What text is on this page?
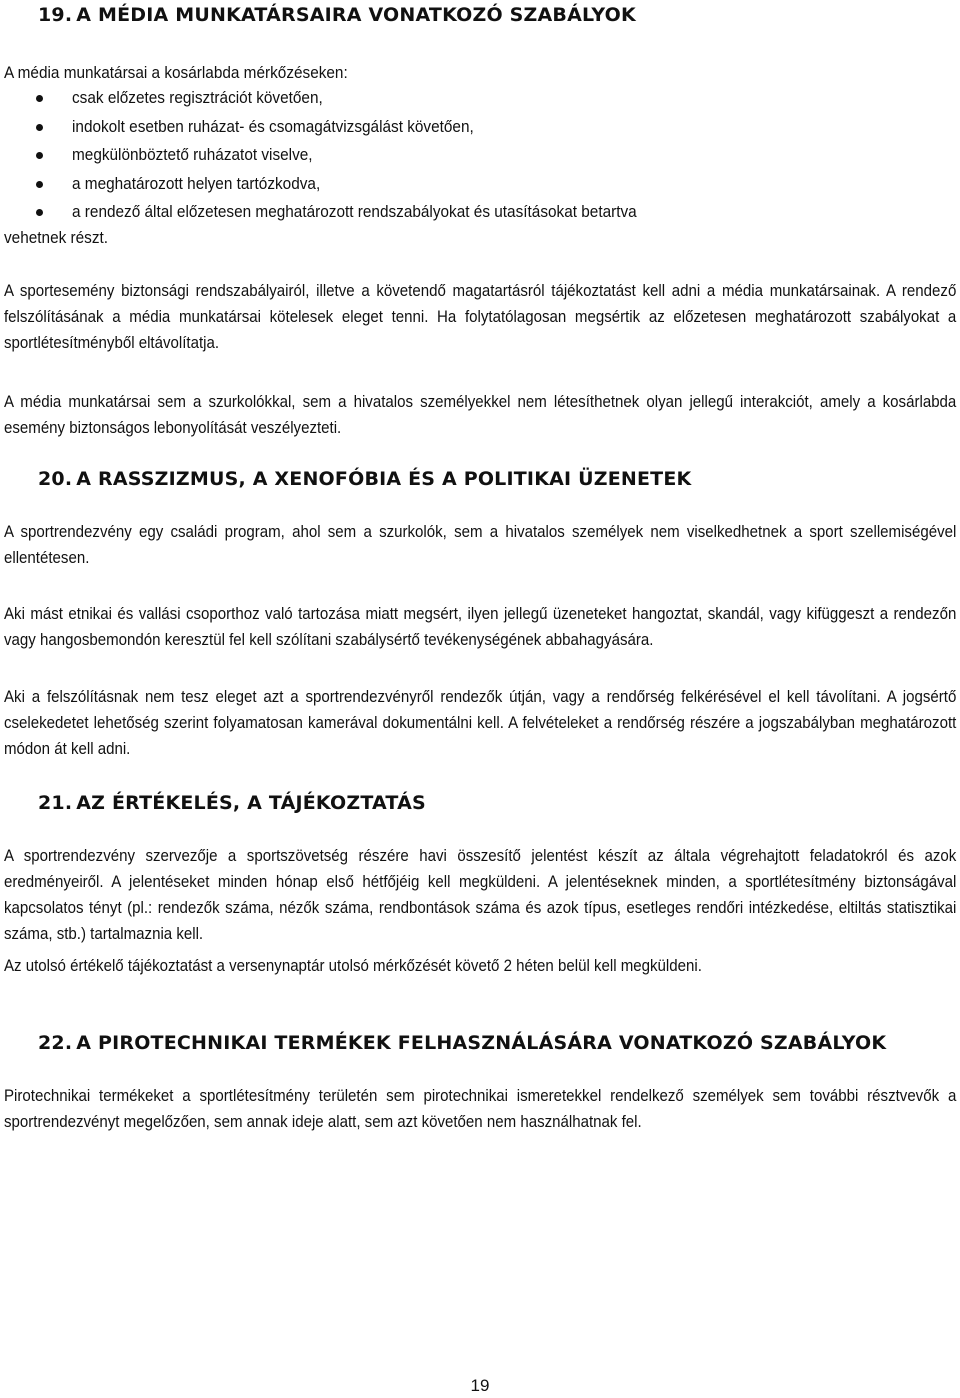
19. A MÉDIA MUNKATÁRSAIRA VONATKOZÓ SZABÁLYOK
A média munkatársai a kosárlabda mérkőzéseken:
csak előzetes regisztrációt követően,
indokolt esetben ruházat- és csomagátvizsgálást követően,
megkülönböztető ruházatot viselve,
a meghatározott helyen tartózkodva,
a rendező által előzetesen meghatározott rendszabályokat és utasításokat betartva
vehetnek részt.
A sportesemény biztonsági rendszabályairól, illetve a követendő magatartásról tájékoztatást kell adni a média munkatársainak. A rendező felszólításának a média munkatársai kötelesek eleget tenni. Ha folytatólagosan megsértik az előzetesen meghatározott szabályokat a sportlétesítményből eltávolítatja.
A média munkatársai sem a szurkolókkal, sem a hivatalos személyekkel nem létesíthetnek olyan jellegű interakciót, amely a kosárlabda esemény biztonságos lebonyolítását veszélyezteti.
20. A RASSZIZMUS, A XENOFÓBIA ÉS A POLITIKAI ÜZENETEK
A sportrendezvény egy családi program, ahol sem a szurkolók, sem a hivatalos személyek nem viselkedhetnek a sport szellemiségével ellentétesen.
Aki mást etnikai és vallási csoporthoz való tartozása miatt megsért, ilyen jellegű üzeneteket hangoztat, skandál, vagy kifüggeszt a rendezőn vagy hangosbemondón keresztül fel kell szólítani szabálysértő tevékenységének abbahagyására.
Aki a felszólításnak nem tesz eleget azt a sportrendezvényről rendezők útján, vagy a rendőrség felkérésével el kell távolítani. A jogsértő cselekedetet lehetőség szerint folyamatosan kamerával dokumentálni kell. A felvételeket a rendőrség részére a jogszabályban meghatározott módon át kell adni.
21. AZ ÉRTÉKELÉS, A TÁJÉKOZTATÁS
A sportrendezvény szervezője a sportszövetség részére havi összesítő jelentést készít az általa végrehajtott feladatokról és azok eredményeiről. A jelentéseket minden hónap első hétfőjéig kell megküldeni. A jelentéseknek minden, a sportlétesítmény biztonságával kapcsolatos tényt (pl.: rendezők száma, nézők száma, rendbontások száma és azok típus, esetleges rendőri intézkedése, eltiltás statisztikai száma, stb.) tartalmaznia kell.
Az utolsó értékelő tájékoztatást a versenynaptár utolsó mérkőzését követő 2 héten belül kell megküldeni.
22. A PIROTECHNIKAI TERMÉKEK FELHASZNÁLÁSÁRA VONATKOZÓ SZABÁLYOK
Pirotechnikai termékeket a sportlétesítmény területén sem pirotechnikai ismeretekkel rendelkező személyek sem további résztvevők a sportrendezvényt megelőzően, sem annak ideje alatt, sem azt követően nem használhatnak fel.
19
